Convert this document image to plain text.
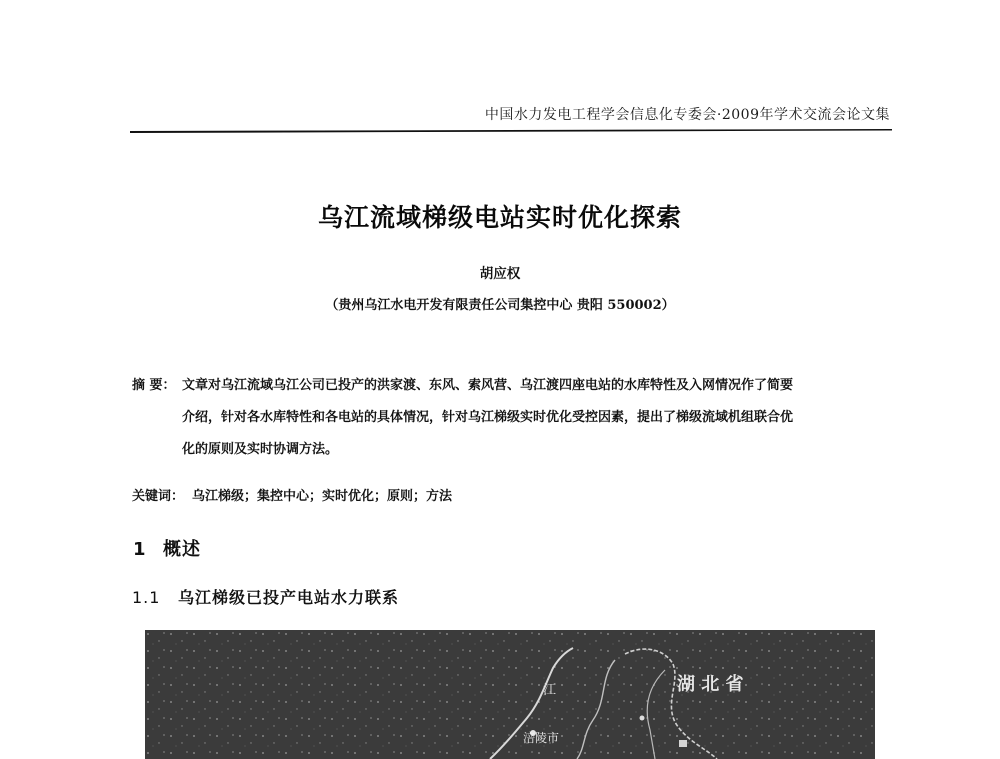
中国水力发电工程学会信息化专委会·2009年学术交流会论文集
乌江流域梯级电站实时优化探索
胡应权
（贵州乌江水电开发有限责任公司集控中心 贵阳 550002）
摘 要： 文章对乌江流域乌江公司已投产的洪家渡、东风、索风营、乌江渡四座电站的水库特性及入网情况作了简要
介绍，针对各水库特性和各电站的具体情况，针对乌江梯级实时优化受控因素，提出了梯级流域机组联合优
化的原则及实时协调方法。
关键词： 乌江梯级；集控中心；实时优化；原则；方法
1 概述
1.1 乌江梯级已投产电站水力联系
湖 北 省
涪陵市
江
